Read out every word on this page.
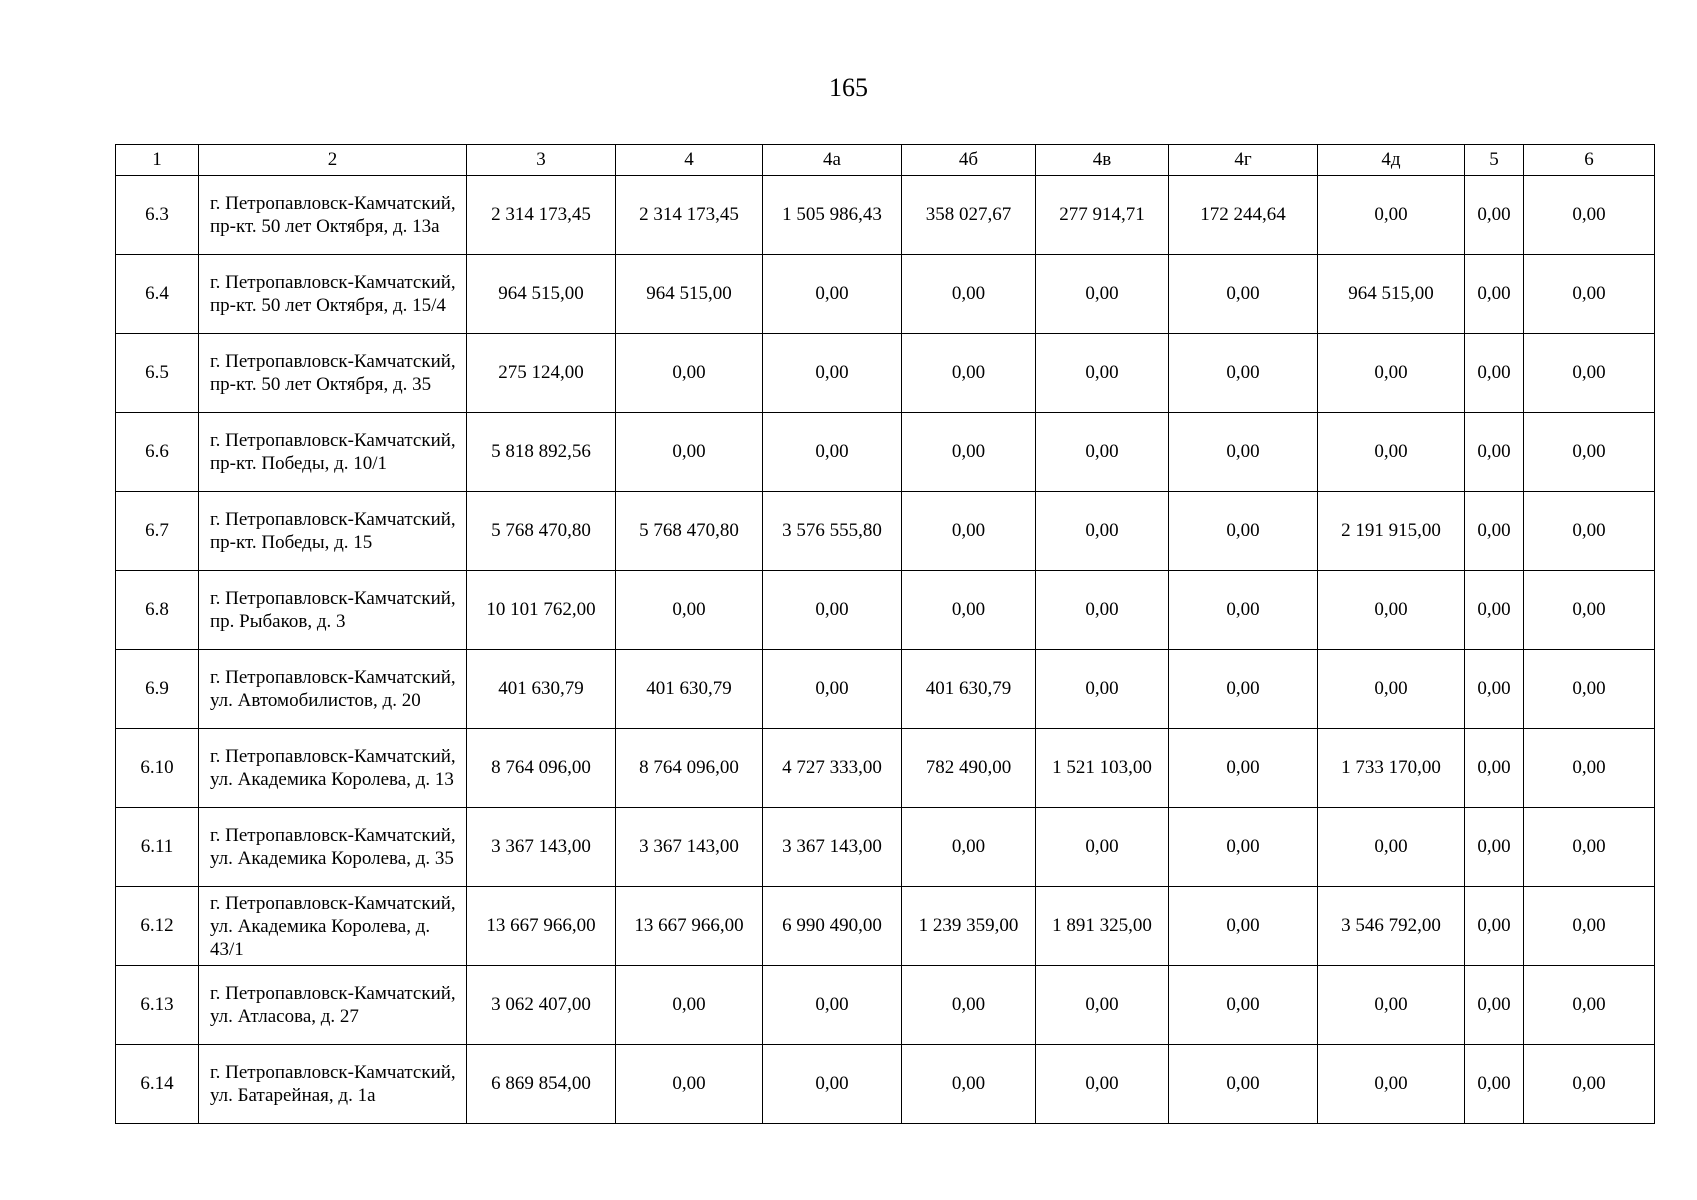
165
1	2	3	4	4а	4б	4в	4г	4д	5	6
6.3	г. Петропавловск-Камчатский, пр-кт. 50 лет Октября, д. 13а	2 314 173,45	2 314 173,45	1 505 986,43	358 027,67	277 914,71	172 244,64	0,00	0,00	0,00
6.4	г. Петропавловск-Камчатский, пр-кт. 50 лет Октября, д. 15/4	964 515,00	964 515,00	0,00	0,00	0,00	0,00	964 515,00	0,00	0,00
6.5	г. Петропавловск-Камчатский, пр-кт. 50 лет Октября, д. 35	275 124,00	0,00	0,00	0,00	0,00	0,00	0,00	0,00	0,00
6.6	г. Петропавловск-Камчатский, пр-кт. Победы, д. 10/1	5 818 892,56	0,00	0,00	0,00	0,00	0,00	0,00	0,00	0,00
6.7	г. Петропавловск-Камчатский, пр-кт. Победы, д. 15	5 768 470,80	5 768 470,80	3 576 555,80	0,00	0,00	0,00	2 191 915,00	0,00	0,00
6.8	г. Петропавловск-Камчатский, пр. Рыбаков, д. 3	10 101 762,00	0,00	0,00	0,00	0,00	0,00	0,00	0,00	0,00
6.9	г. Петропавловск-Камчатский, ул. Автомобилистов, д. 20	401 630,79	401 630,79	0,00	401 630,79	0,00	0,00	0,00	0,00	0,00
6.10	г. Петропавловск-Камчатский, ул. Академика Королева, д. 13	8 764 096,00	8 764 096,00	4 727 333,00	782 490,00	1 521 103,00	0,00	1 733 170,00	0,00	0,00
6.11	г. Петропавловск-Камчатский, ул. Академика Королева, д. 35	3 367 143,00	3 367 143,00	3 367 143,00	0,00	0,00	0,00	0,00	0,00	0,00
6.12	г. Петропавловск-Камчатский, ул. Академика Королева, д. 43/1	13 667 966,00	13 667 966,00	6 990 490,00	1 239 359,00	1 891 325,00	0,00	3 546 792,00	0,00	0,00
6.13	г. Петропавловск-Камчатский, ул. Атласова, д. 27	3 062 407,00	0,00	0,00	0,00	0,00	0,00	0,00	0,00	0,00
6.14	г. Петропавловск-Камчатский, ул. Батарейная, д. 1а	6 869 854,00	0,00	0,00	0,00	0,00	0,00	0,00	0,00	0,00
